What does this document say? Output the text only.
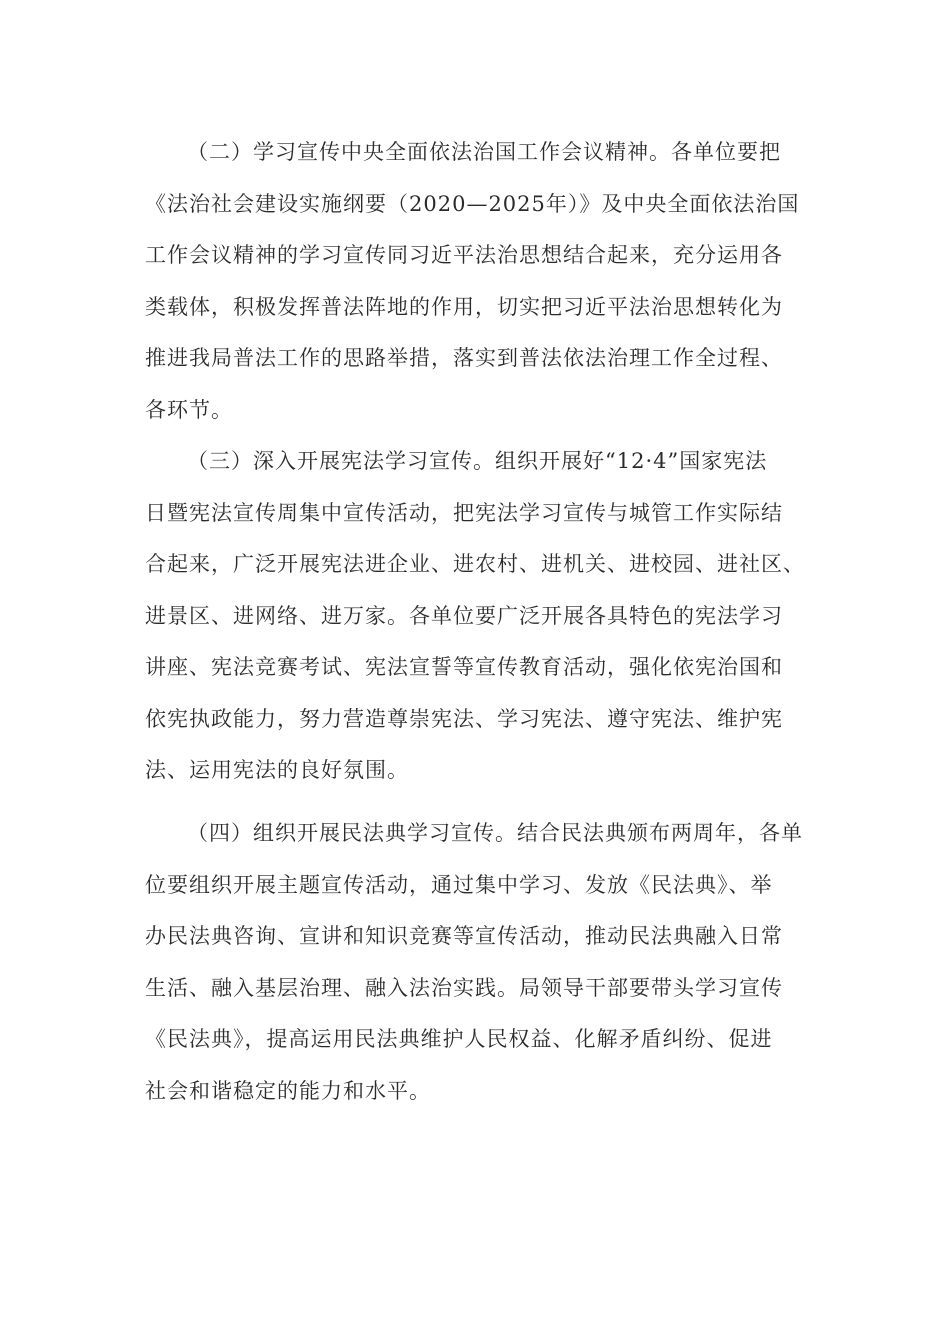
（二）学习宣传中央全面依法治国工作会议精神。各单位要把
《法治社会建设实施纲要（2020—2025年）》及中央全面依法治国
工作会议精神的学习宣传同习近平法治思想结合起来，充分运用各
类载体，积极发挥普法阵地的作用，切实把习近平法治思想转化为
推进我局普法工作的思路举措，落实到普法依法治理工作全过程、
各环节。
（三）深入开展宪法学习宣传。组织开展好“12·4”国家宪法
日暨宪法宣传周集中宣传活动，把宪法学习宣传与城管工作实际结
合起来，广泛开展宪法进企业、进农村、进机关、进校园、进社区、
进景区、进网络、进万家。各单位要广泛开展各具特色的宪法学习
讲座、宪法竞赛考试、宪法宣誓等宣传教育活动，强化依宪治国和
依宪执政能力，努力营造尊崇宪法、学习宪法、遵守宪法、维护宪
法、运用宪法的良好氛围。
（四）组织开展民法典学习宣传。结合民法典颁布两周年，各单
位要组织开展主题宣传活动，通过集中学习、发放《民法典》、举
办民法典咨询、宣讲和知识竞赛等宣传活动，推动民法典融入日常
生活、融入基层治理、融入法治实践。局领导干部要带头学习宣传
《民法典》，提高运用民法典维护人民权益、化解矛盾纠纷、促进
社会和谐稳定的能力和水平。
